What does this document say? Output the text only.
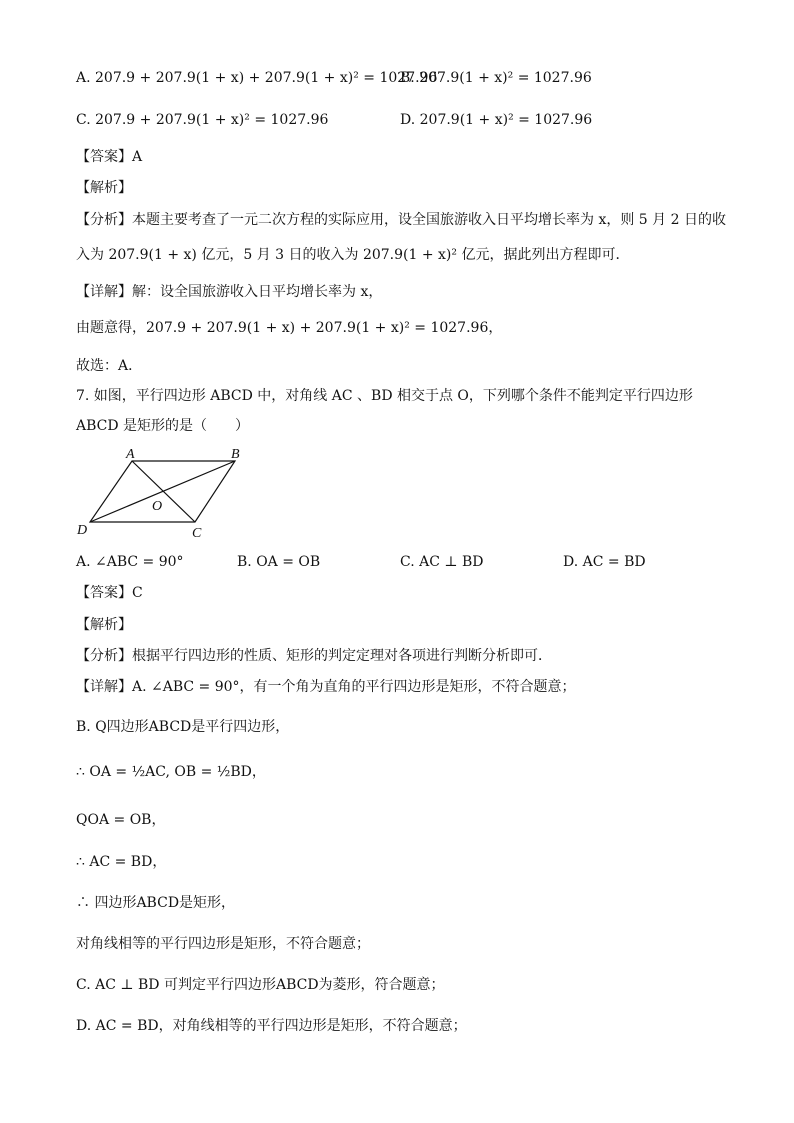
A. 207.9 + 207.9(1 + x) + 207.9(1 + x)² = 1027.96
B. 207.9(1 + x)² = 1027.96
C. 207.9 + 207.9(1 + x)² = 1027.96	D. 207.9(1 + x)² = 1027.96
【答案】A
【解析】
【分析】本题主要考查了一元二次方程的实际应用，设全国旅游收入日平均增长率为 x，则 5 月 2 日的收
入为 207.9(1 + x) 亿元，5 月 3 日的收入为 207.9(1 + x)² 亿元，据此列出方程即可．
【详解】解：设全国旅游收入日平均增长率为 x，
由题意得，207.9 + 207.9(1 + x) + 207.9(1 + x)² = 1027.96，
故选：A．
7. 如图，平行四边形 ABCD 中，对角线 AC 、BD 相交于点 O，下列哪个条件不能判定平行四边形
ABCD 是矩形的是（　　）
A	B
C
D
O
A. ∠ABC = 90°	B. OA = OB	C. AC ⊥ BD	D. AC = BD
【答案】C
【解析】
【分析】根据平行四边形的性质、矩形的判定定理对各项进行判断分析即可．
【详解】A. ∠ABC = 90°，有一个角为直角的平行四边形是矩形，不符合题意；
B. Q四边形ABCD是平行四边形，
∴ OA = ½AC, OB = ½BD，
QOA = OB，
∴ AC = BD，
∴ 四边形ABCD是矩形，
对角线相等的平行四边形是矩形，不符合题意；
C. AC ⊥ BD 可判定平行四边形ABCD为菱形，符合题意；
D. AC = BD，对角线相等的平行四边形是矩形，不符合题意；
